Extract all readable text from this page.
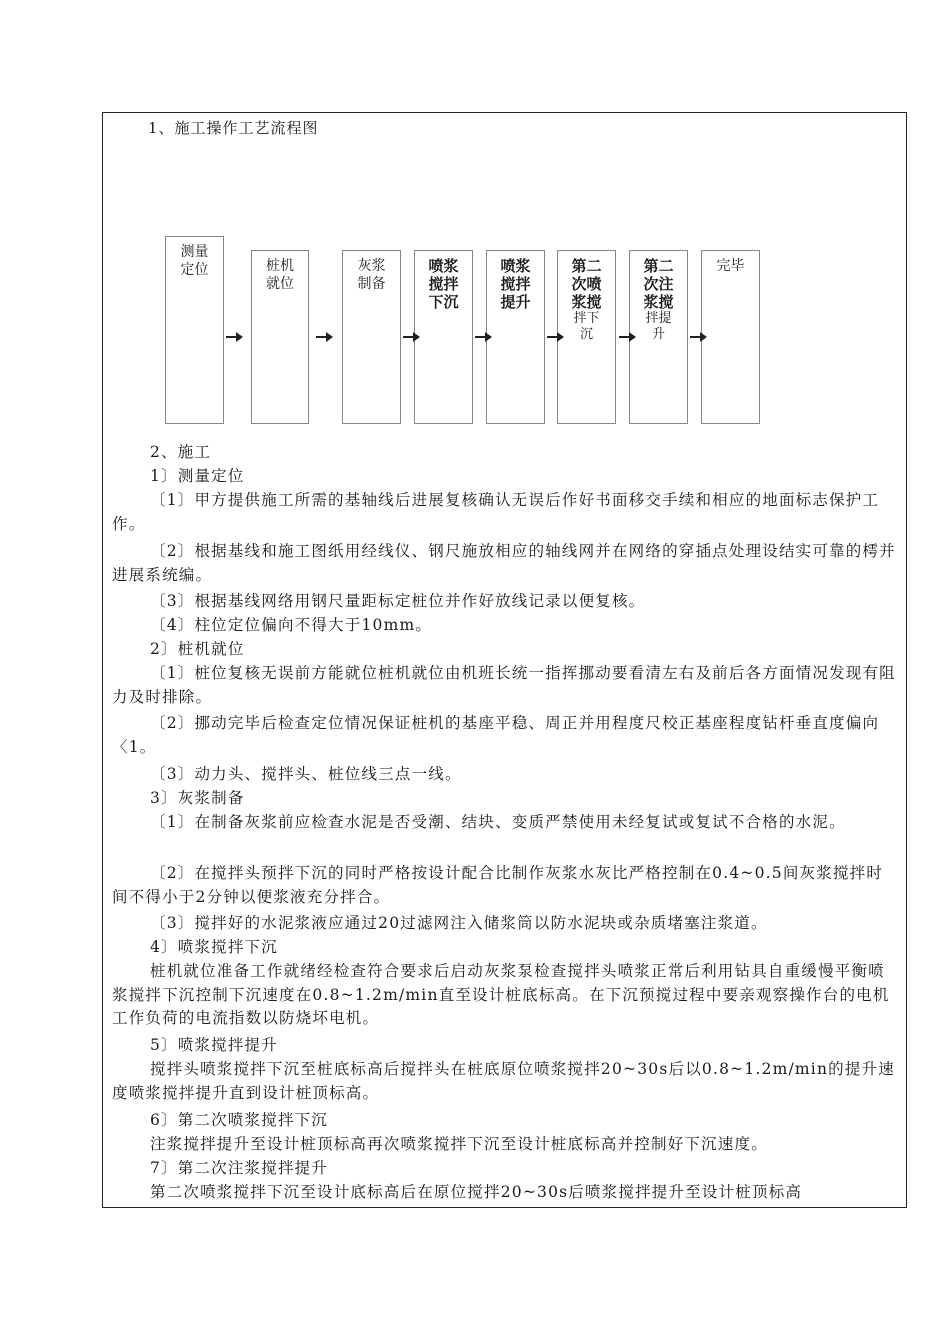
1、施工操作工艺流程图
测量
定位	桩机
就位
灰浆
制备
喷浆
搅拌
下沉
喷浆
搅拌
提升
第二
次喷
浆搅
拌下
沉
第二
次注
浆搅
拌提
升
完毕

2、施工

1〕测量定位

〔1〕甲方提供施工所需的基轴线后进展复核确认无误后作好书面移交手续和相应的地面标志保护工作。

〔2〕根据基线和施工图纸用经线仪、钢尺施放相应的轴线网并在网络的穿插点处理设结实可靠的樗并进展系统编。

〔3〕根据基线网络用钢尺量距标定桩位并作好放线记录以便复核。

〔4〕柱位定位偏向不得大于10mm。

2〕桩机就位

〔1〕桩位复核无误前方能就位桩机就位由机班长统一指挥挪动要看清左右及前后各方面情况发现有阻力及时排除。

〔2〕挪动完毕后检查定位情况保证桩机的基座平稳、周正并用程度尺校正基座程度钻杆垂直度偏向〈1。

〔3〕动力头、搅拌头、桩位线三点一线。

3〕灰浆制备

〔1〕在制备灰浆前应检查水泥是否受潮、结块、变质严禁使用未经复试或复试不合格的水泥。

〔2〕在搅拌头预拌下沉的同时严格按设计配合比制作灰浆水灰比严格控制在0.4~0.5间灰浆搅拌时间不得小于2分钟以便浆液充分拌合。

〔3〕搅拌好的水泥浆液应通过20过滤网注入储浆筒以防水泥块或杂质堵塞注浆道。

4〕喷浆搅拌下沉

桩机就位准备工作就绪经检查符合要求后启动灰浆泵检查搅拌头喷浆正常后利用钻具自重缓慢平衡喷浆搅拌下沉控制下沉速度在0.8~1.2m/min直至设计桩底标高。在下沉预搅过程中要亲观察操作台的电机工作负荷的电流指数以防烧坏电机。

5〕喷浆搅拌提升

搅拌头喷浆搅拌下沉至桩底标高后搅拌头在桩底原位喷浆搅拌20~30s后以0.8~1.2m/min的提升速度喷浆搅拌提升直到设计桩顶标高。

6〕第二次喷浆搅拌下沉

注浆搅拌提升至设计桩顶标高再次喷浆搅拌下沉至设计桩底标高并控制好下沉速度。

7〕第二次注浆搅拌提升

第二次喷浆搅拌下沉至设计底标高后在原位搅拌20~30s后喷浆搅拌提升至设计桩顶标高
